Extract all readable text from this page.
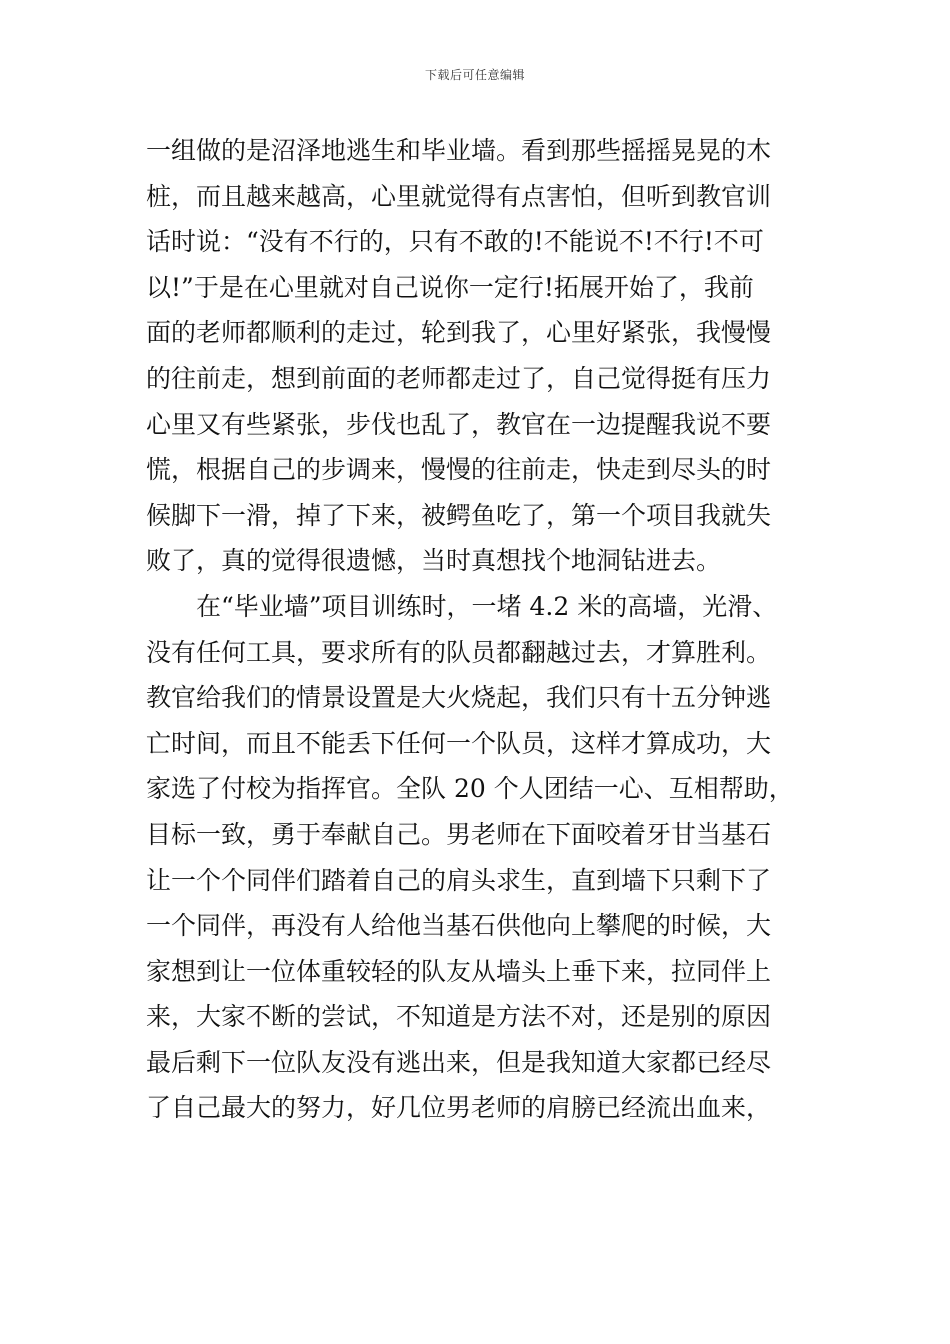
下载后可任意编辑
一组做的是沼泽地逃生和毕业墙。看到那些摇摇晃晃的木
桩，而且越来越高，心里就觉得有点害怕，但听到教官训
话时说：“没有不行的，只有不敢的!不能说不!不行!不可
以!”于是在心里就对自己说你一定行!拓展开始了，我前
面的老师都顺利的走过，轮到我了，心里好紧张，我慢慢
的往前走，想到前面的老师都走过了，自己觉得挺有压力
心里又有些紧张，步伐也乱了，教官在一边提醒我说不要
慌，根据自己的步调来，慢慢的往前走，快走到尽头的时
候脚下一滑，掉了下来，被鳄鱼吃了，第一个项目我就失
败了，真的觉得很遗憾，当时真想找个地洞钻进去。
在“毕业墙”项目训练时，一堵 4.2 米的高墙，光滑、
没有任何工具，要求所有的队员都翻越过去，才算胜利。
教官给我们的情景设置是大火烧起，我们只有十五分钟逃
亡时间，而且不能丢下任何一个队员，这样才算成功，大
家选了付校为指挥官。全队 20 个人团结一心、互相帮助，
目标一致，勇于奉献自己。男老师在下面咬着牙甘当基石
让一个个同伴们踏着自己的肩头求生，直到墙下只剩下了
一个同伴，再没有人给他当基石供他向上攀爬的时候，大
家想到让一位体重较轻的队友从墙头上垂下来，拉同伴上
来，大家不断的尝试，不知道是方法不对，还是别的原因
最后剩下一位队友没有逃出来，但是我知道大家都已经尽
了自己最大的努力，好几位男老师的肩膀已经流出血来，
